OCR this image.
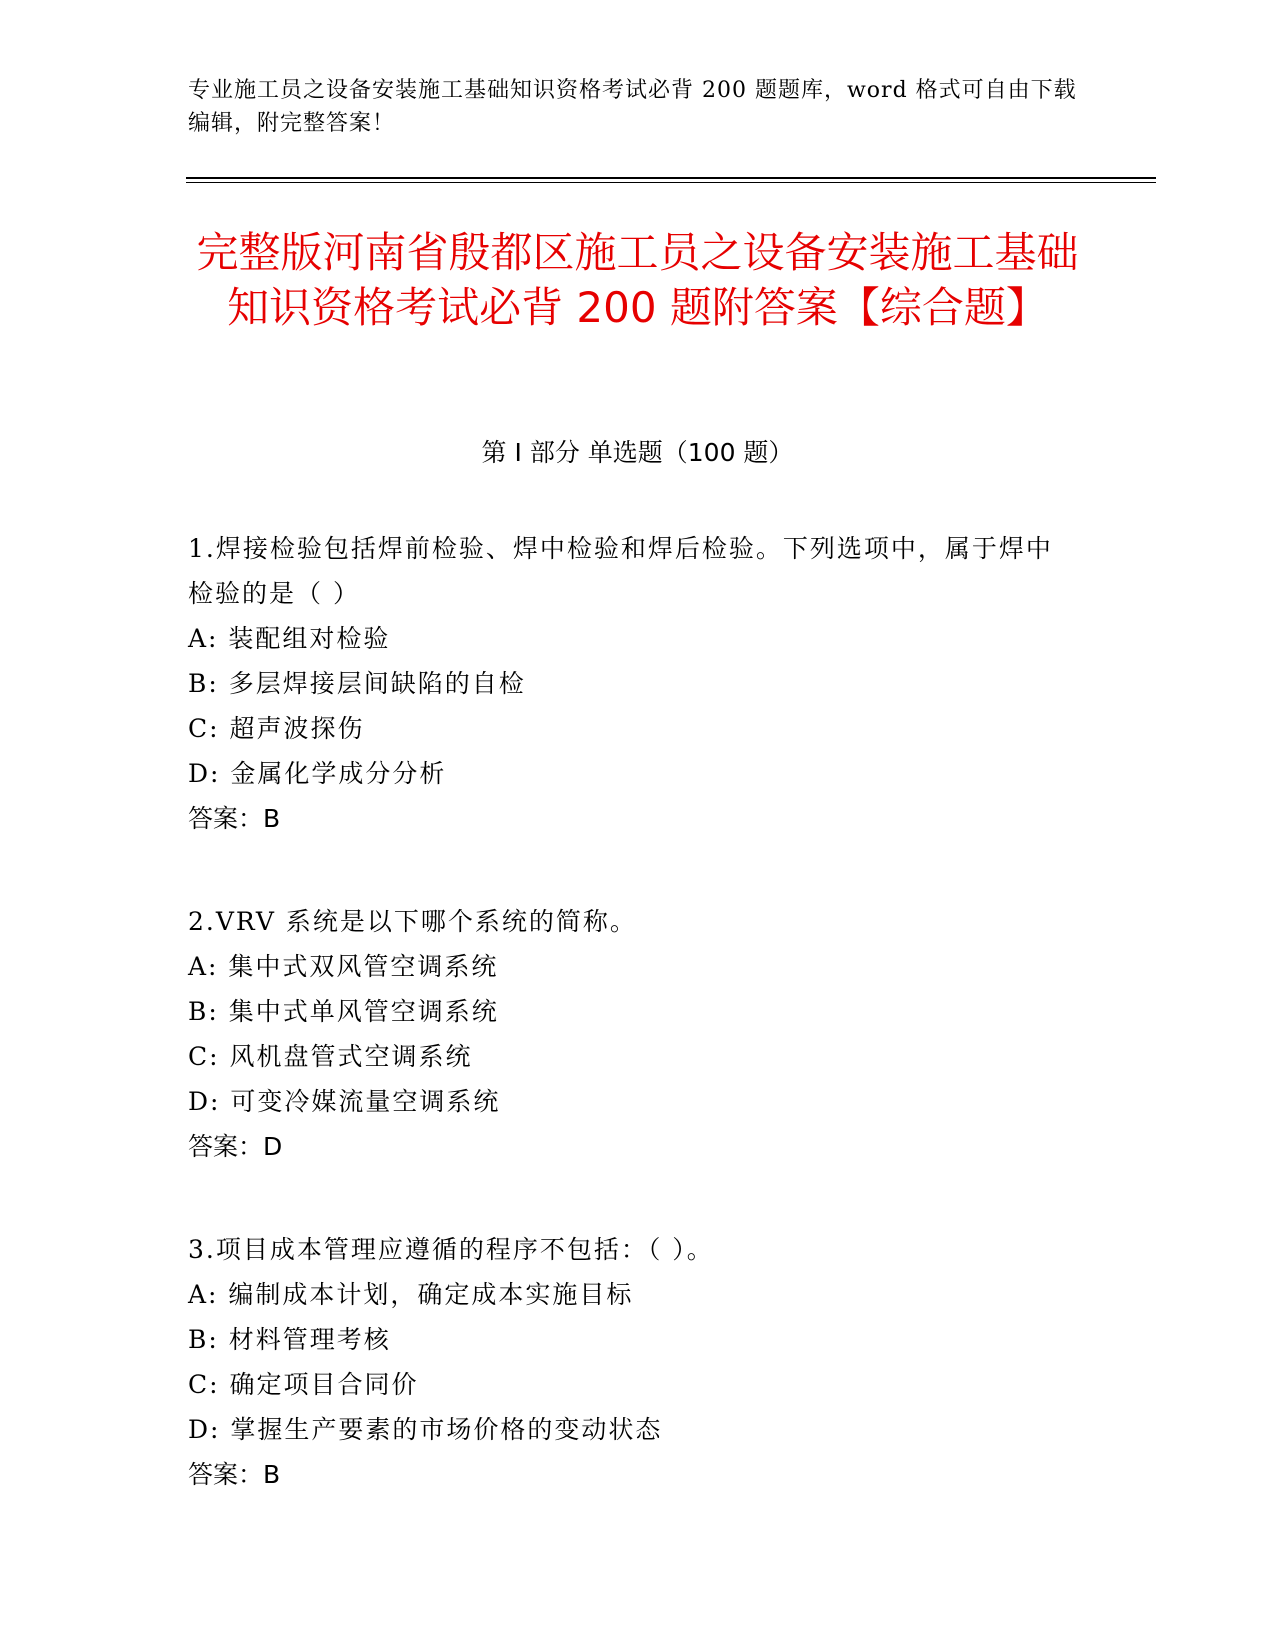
专业施工员之设备安装施工基础知识资格考试必背 200 题题库，word 格式可自由下载编辑，附完整答案！
完整版河南省殷都区施工员之设备安装施工基础知识资格考试必背 200 题附答案【综合题】
第 I 部分 单选题（100 题）
1.焊接检验包括焊前检验、焊中检验和焊后检验。下列选项中，属于焊中检验的是（ ）
A: 装配组对检验
B: 多层焊接层间缺陷的自检
C: 超声波探伤
D: 金属化学成分分析
答案：B
2.VRV 系统是以下哪个系统的简称。
A: 集中式双风管空调系统
B: 集中式单风管空调系统
C: 风机盘管式空调系统
D: 可变冷媒流量空调系统
答案：D
3.项目成本管理应遵循的程序不包括：（ ）。
A: 编制成本计划，确定成本实施目标
B: 材料管理考核
C: 确定项目合同价
D: 掌握生产要素的市场价格的变动状态
答案：B
